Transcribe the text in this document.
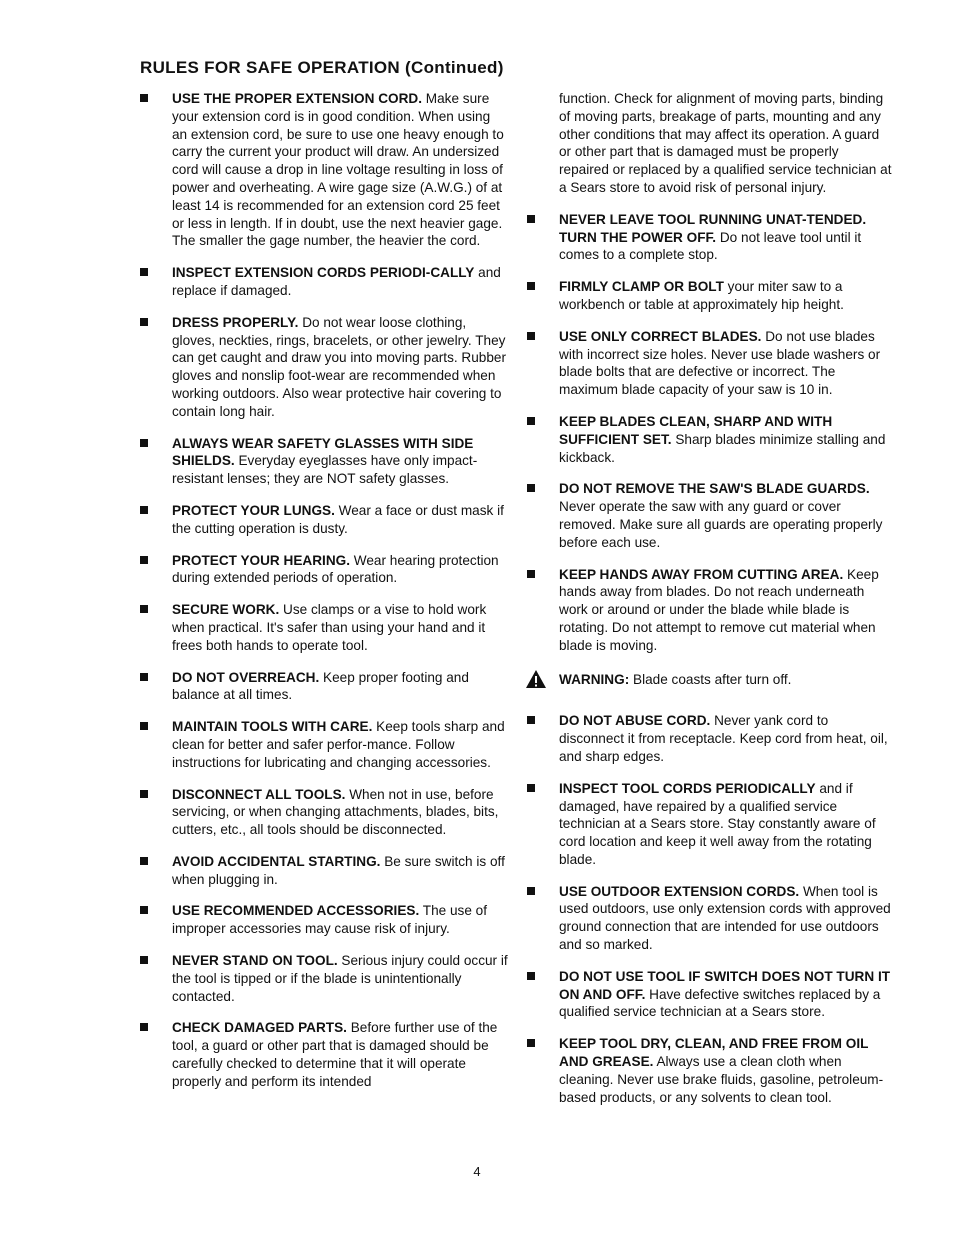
RULES FOR SAFE OPERATION (Continued)
USE THE PROPER EXTENSION CORD. Make sure your extension cord is in good condition. When using an extension cord, be sure to use one heavy enough to carry the current your product will draw. An undersized cord will cause a drop in line voltage resulting in loss of power and overheating. A wire gage size (A.W.G.) of at least 14 is recommended for an extension cord 25 feet or less in length. If in doubt, use the next heavier gage. The smaller the gage number, the heavier the cord.
INSPECT EXTENSION CORDS PERIODI-CALLY and replace if damaged.
DRESS PROPERLY. Do not wear loose clothing, gloves, neckties, rings, bracelets, or other jewelry. They can get caught and draw you into moving parts. Rubber gloves and nonslip foot-wear are recommended when working outdoors. Also wear protective hair covering to contain long hair.
ALWAYS WEAR SAFETY GLASSES WITH SIDE SHIELDS. Everyday eyeglasses have only impact-resistant lenses; they are NOT safety glasses.
PROTECT YOUR LUNGS. Wear a face or dust mask if the cutting operation is dusty.
PROTECT YOUR HEARING. Wear hearing protection during extended periods of operation.
SECURE WORK. Use clamps or a vise to hold work when practical. It's safer than using your hand and it frees both hands to operate tool.
DO NOT OVERREACH. Keep proper footing and balance at all times.
MAINTAIN TOOLS WITH CARE. Keep tools sharp and clean for better and safer perfor-mance. Follow instructions for lubricating and changing accessories.
DISCONNECT ALL TOOLS. When not in use, before servicing, or when changing attachments, blades, bits, cutters, etc., all tools should be disconnected.
AVOID ACCIDENTAL STARTING. Be sure switch is off when plugging in.
USE RECOMMENDED ACCESSORIES. The use of improper accessories may cause risk of injury.
NEVER STAND ON TOOL. Serious injury could occur if the tool is tipped or if the blade is unintentionally contacted.
CHECK DAMAGED PARTS. Before further use of the tool, a guard or other part that is damaged should be carefully checked to determine that it will operate properly and perform its intended
function. Check for alignment of moving parts, binding of moving parts, breakage of parts, mounting and any other conditions that may affect its operation. A guard or other part that is damaged must be properly repaired or replaced by a qualified service technician at a Sears store to avoid risk of personal injury.
NEVER LEAVE TOOL RUNNING UNAT-TENDED. TURN THE POWER OFF. Do not leave tool until it comes to a complete stop.
FIRMLY CLAMP OR BOLT your miter saw to a workbench or table at approximately hip height.
USE ONLY CORRECT BLADES. Do not use blades with incorrect size holes. Never use blade washers or blade bolts that are defective or incorrect. The maximum blade capacity of your saw is 10 in.
KEEP BLADES CLEAN, SHARP AND WITH SUFFICIENT SET. Sharp blades minimize stalling and kickback.
DO NOT REMOVE THE SAW'S BLADE GUARDS. Never operate the saw with any guard or cover removed. Make sure all guards are operating properly before each use.
KEEP HANDS AWAY FROM CUTTING AREA. Keep hands away from blades. Do not reach underneath work or around or under the blade while blade is rotating. Do not attempt to remove cut material when blade is moving.
WARNING: Blade coasts after turn off.
DO NOT ABUSE CORD. Never yank cord to disconnect it from receptacle. Keep cord from heat, oil, and sharp edges.
INSPECT TOOL CORDS PERIODICALLY and if damaged, have repaired by a qualified service technician at a Sears store. Stay constantly aware of cord location and keep it well away from the rotating blade.
USE OUTDOOR EXTENSION CORDS. When tool is used outdoors, use only extension cords with approved ground connection that are intended for use outdoors and so marked.
DO NOT USE TOOL IF SWITCH DOES NOT TURN IT ON AND OFF. Have defective switches replaced by a qualified service technician at a Sears store.
KEEP TOOL DRY, CLEAN, AND FREE FROM OIL AND GREASE. Always use a clean cloth when cleaning. Never use brake fluids, gasoline, petroleum-based products, or any solvents to clean tool.
4
